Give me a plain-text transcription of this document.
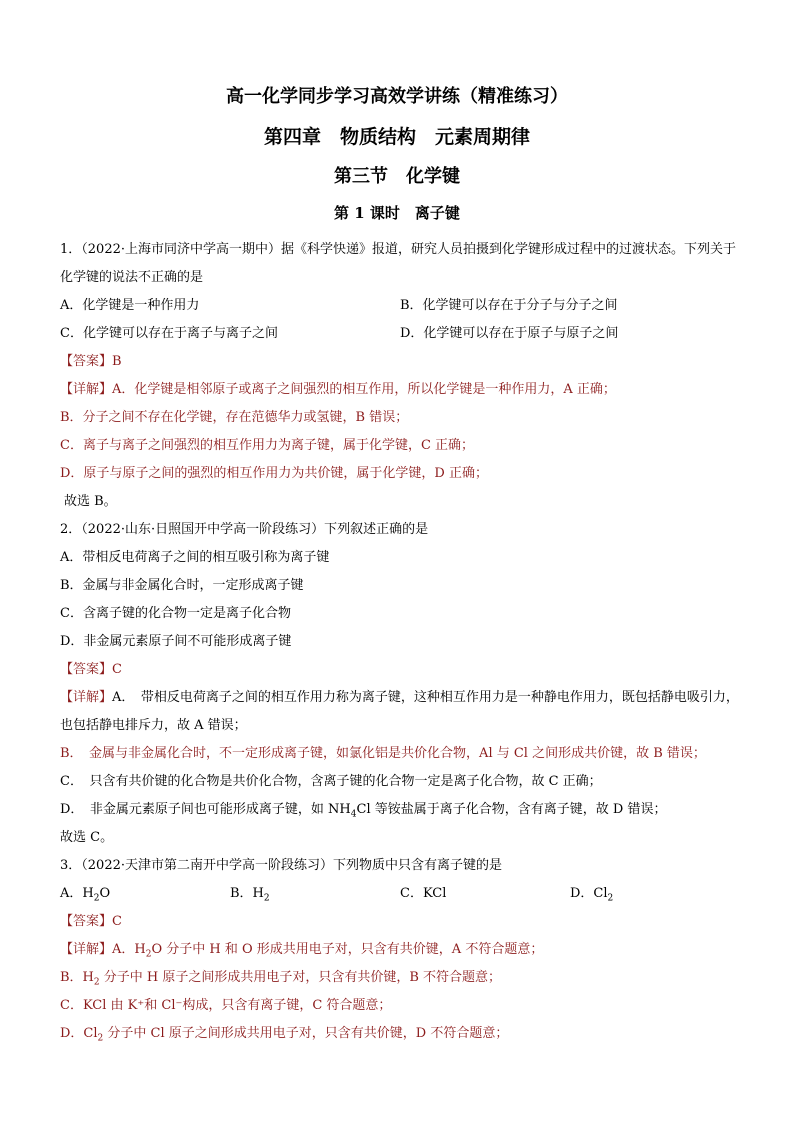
高一化学同步学习高效学讲练（精准练习）
第四章　物质结构　元素周期律
第三节　化学键
第 1 课时　离子键
1．（2022·上海市同济中学高一期中）据《科学快递》报道，研究人员拍摄到化学键形成过程中的过渡状态。下列关于化学键的说法不正确的是
A．化学键是一种作用力	B．化学键可以存在于分子与分子之间
C．化学键可以存在于离子与离子之间	D．化学键可以存在于原子与原子之间
【答案】B
【详解】A．化学键是相邻原子或离子之间强烈的相互作用，所以化学键是一种作用力，A 正确；
B．分子之间不存在化学键，存在范德华力或氢键，B 错误；
C．离子与离子之间强烈的相互作用力为离子键，属于化学键，C 正确；
D．原子与原子之间的强烈的相互作用力为共价键，属于化学键，D 正确；
故选 B。
2．（2022·山东·日照国开中学高一阶段练习）下列叙述正确的是
A．带相反电荷离子之间的相互吸引称为离子键
B．金属与非金属化合时，一定形成离子键
C．含离子键的化合物一定是离子化合物
D．非金属元素原子间不可能形成离子键
【答案】C
【详解】A．　带相反电荷离子之间的相互作用力称为离子键，这种相互作用力是一种静电作用力，既包括静电吸引力，也包括静电排斥力，故 A 错误；
B．　金属与非金属化合时，不一定形成离子键，如氯化铝是共价化合物，Al 与 Cl 之间形成共价键，故 B 错误；
C．　只含有共价键的化合物是共价化合物，含离子键的化合物一定是离子化合物，故 C 正确；
D．　非金属元素原子间也可能形成离子键，如 $NH_4Cl$ 等铵盐属于离子化合物，含有离子键，故 D 错误；
故选 C。
3．（2022·天津市第二南开中学高一阶段练习）下列物质中只含有离子键的是
A．$H_2O$	B．$H_2$	C．KCl	D．$Cl_2$
【答案】C
【详解】A．$H_2O$ 分子中 H 和 O 形成共用电子对，只含有共价键，A 不符合题意；
B．$H_2$ 分子中 H 原子之间形成共用电子对，只含有共价键，B 不符合题意；
C．KCl 由 K⁺和 Cl⁻构成，只含有离子键，C 符合题意；
D．$Cl_2$ 分子中 Cl 原子之间形成共用电子对，只含有共价键，D 不符合题意；
